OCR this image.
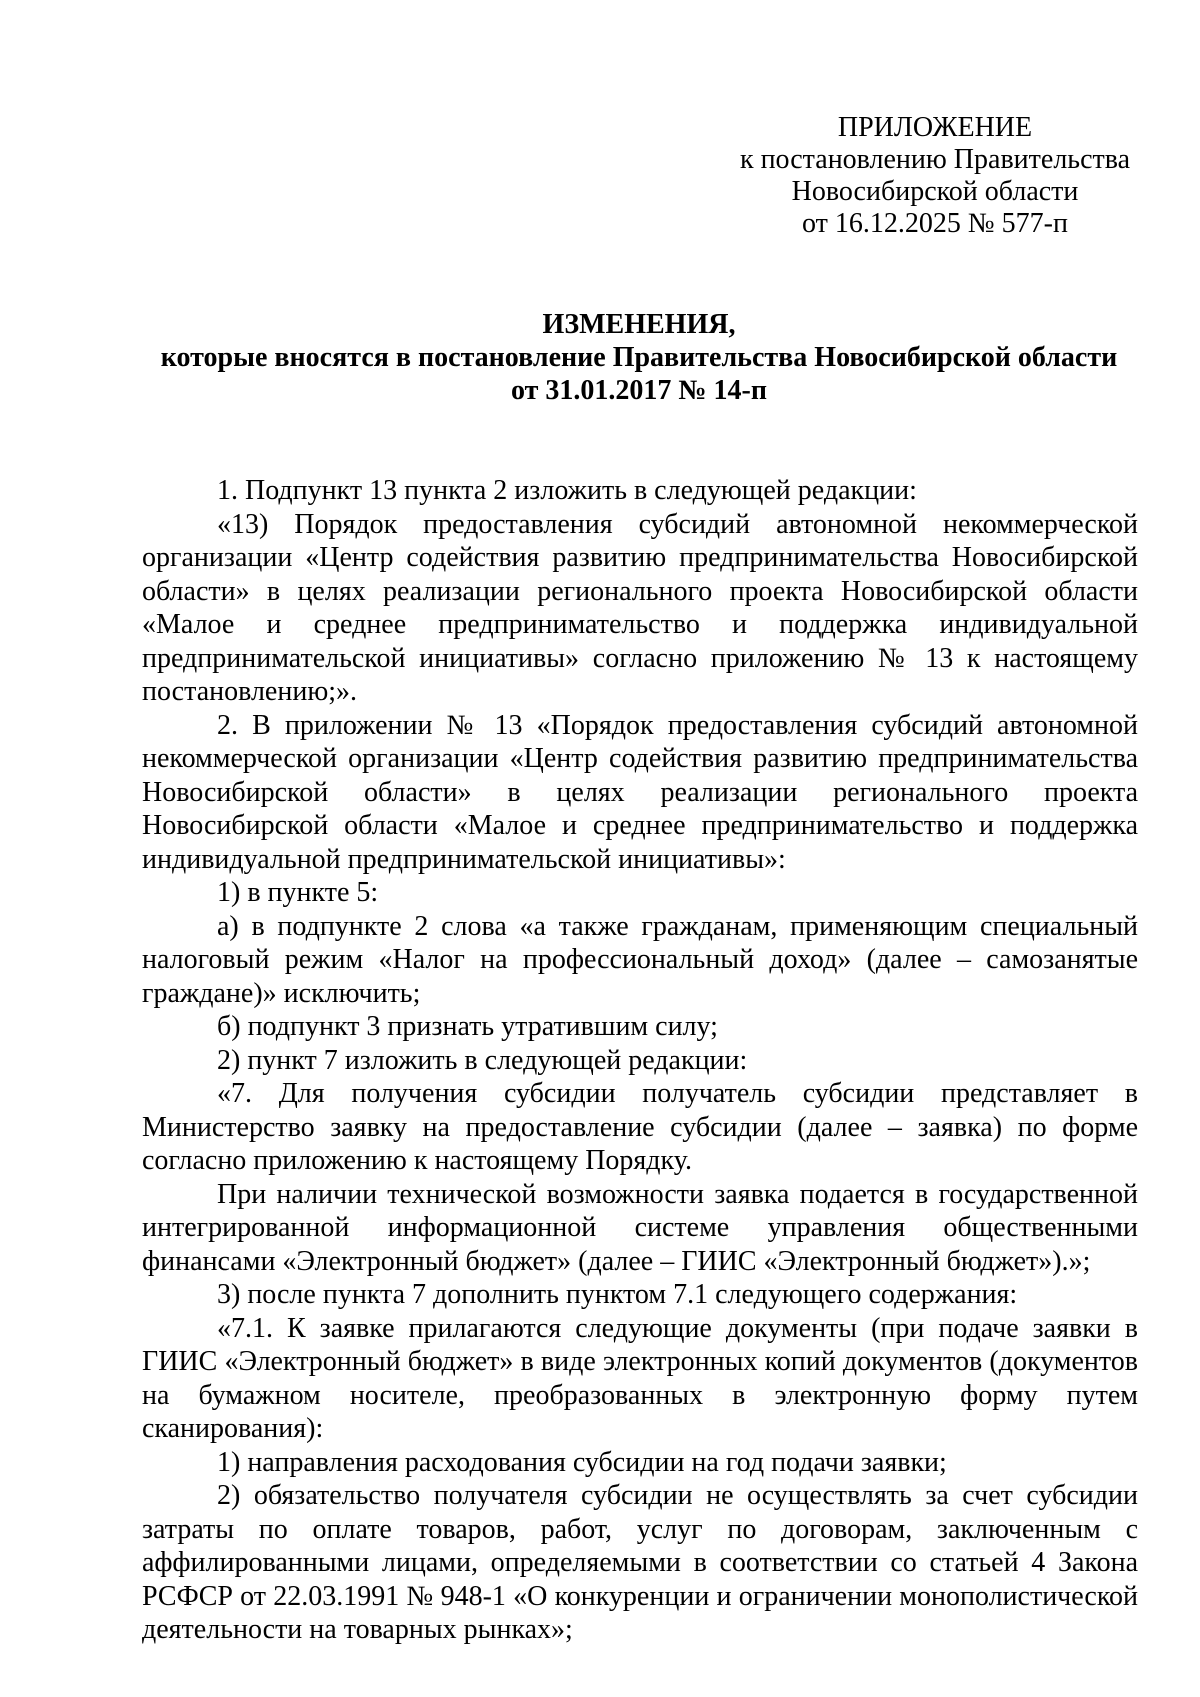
ПРИЛОЖЕНИЕ
к постановлению Правительства
Новосибирской области
от 16.12.2025 № 577-п
ИЗМЕНЕНИЯ,
которые вносятся в постановление Правительства Новосибирской области
от 31.01.2017 № 14-п

1. Подпункт 13 пункта 2 изложить в следующей редакции:

«13) Порядок предоставления субсидий автономной некоммерческой организации «Центр содействия развитию предпринимательства Новосибирской области» в целях реализации регионального проекта Новосибирской области «Малое и среднее предпринимательство и поддержка индивидуальной предпринимательской инициативы» согласно приложению № 13 к настоящему постановлению;».

2. В приложении № 13 «Порядок предоставления субсидий автономной некоммерческой организации «Центр содействия развитию предпринимательства Новосибирской области» в целях реализации регионального проекта Новосибирской области «Малое и среднее предпринимательство и поддержка индивидуальной предпринимательской инициативы»:

1) в пункте 5:

а) в подпункте 2 слова «а также гражданам, применяющим специальный налоговый режим «Налог на профессиональный доход» (далее – самозанятые граждане)» исключить;

б) подпункт 3 признать утратившим силу;

2) пункт 7 изложить в следующей редакции:

«7. Для получения субсидии получатель субсидии представляет в Министерство заявку на предоставление субсидии (далее – заявка) по форме согласно приложению к настоящему Порядку.

При наличии технической возможности заявка подается в государственной интегрированной информационной системе управления общественными финансами «Электронный бюджет» (далее – ГИИС «Электронный бюджет»).»;

3) после пункта 7 дополнить пунктом 7.1 следующего содержания:

«7.1. К заявке прилагаются следующие документы (при подаче заявки в ГИИС «Электронный бюджет» в виде электронных копий документов (документов на бумажном носителе, преобразованных в электронную форму путем сканирования):

1) направления расходования субсидии на год подачи заявки;

2) обязательство получателя субсидии не осуществлять за счет субсидии затраты по оплате товаров, работ, услуг по договорам, заключенным с аффилированными лицами, определяемыми в соответствии со статьей 4 Закона РСФСР от 22.03.1991 № 948-1 «О конкуренции и ограничении монополистической деятельности на товарных рынках»;
